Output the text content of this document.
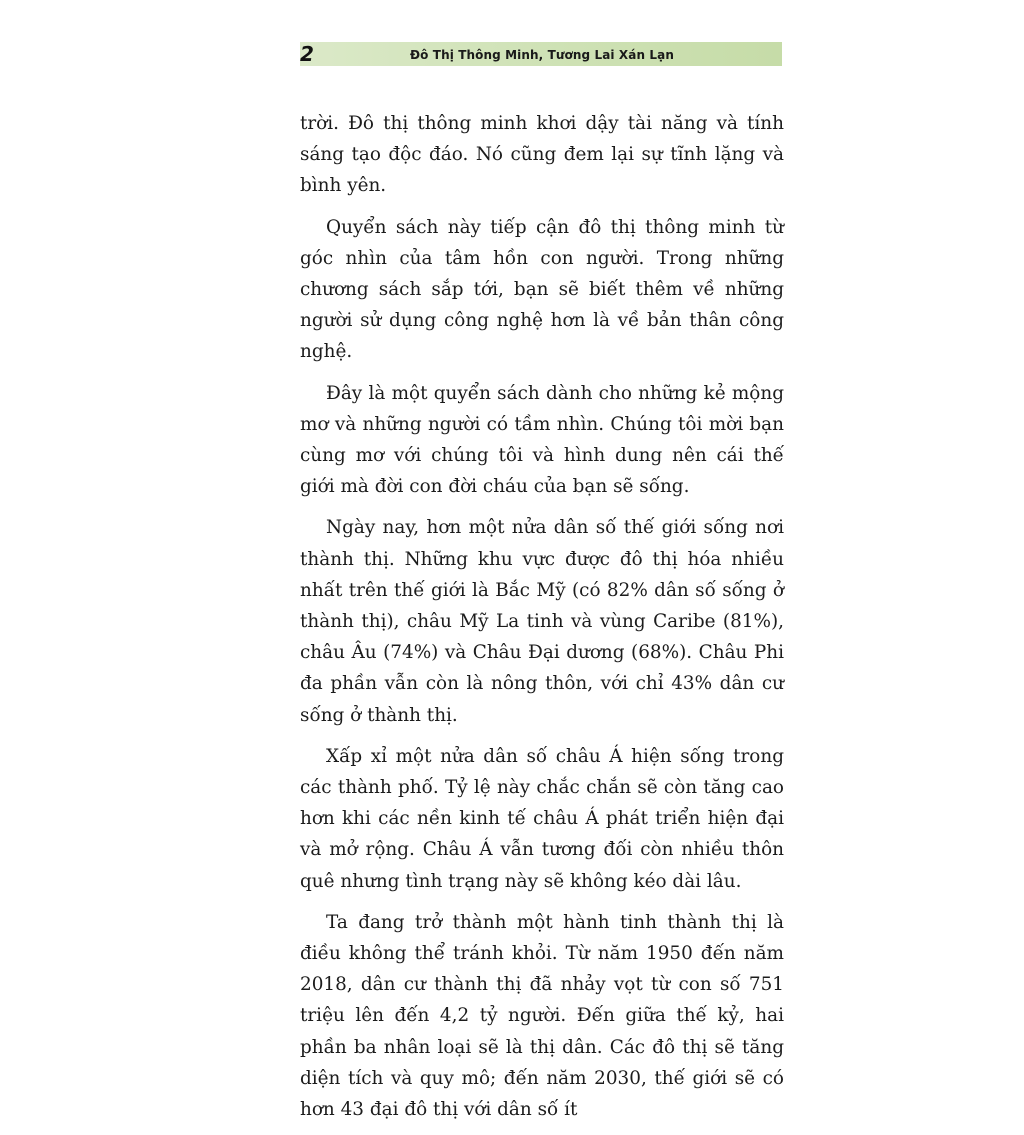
2	Đô Thị Thông Minh, Tương Lai Xán Lạn

trời. Đô thị thông minh khơi dậy tài năng và tính sáng tạo độc đáo. Nó cũng đem lại sự tĩnh lặng và bình yên.

Quyển sách này tiếp cận đô thị thông minh từ góc nhìn của tâm hồn con người. Trong những chương sách sắp tới, bạn sẽ biết thêm về những người sử dụng công nghệ hơn là về bản thân công nghệ.

Đây là một quyển sách dành cho những kẻ mộng mơ và những người có tầm nhìn. Chúng tôi mời bạn cùng mơ với chúng tôi và hình dung nên cái thế giới mà đời con đời cháu của bạn sẽ sống.

Ngày nay, hơn một nửa dân số thế giới sống nơi thành thị. Những khu vực được đô thị hóa nhiều nhất trên thế giới là Bắc Mỹ (có 82% dân số sống ở thành thị), châu Mỹ La tinh và vùng Caribe (81%), châu Âu (74%) và Châu Đại dương (68%). Châu Phi đa phần vẫn còn là nông thôn, với chỉ 43% dân cư sống ở thành thị.

Xấp xỉ một nửa dân số châu Á hiện sống trong các thành phố. Tỷ lệ này chắc chắn sẽ còn tăng cao hơn khi các nền kinh tế châu Á phát triển hiện đại và mở rộng. Châu Á vẫn tương đối còn nhiều thôn quê nhưng tình trạng này sẽ không kéo dài lâu.

Ta đang trở thành một hành tinh thành thị là điều không thể tránh khỏi. Từ năm 1950 đến năm 2018, dân cư thành thị đã nhảy vọt từ con số 751 triệu lên đến 4,2 tỷ người. Đến giữa thế kỷ, hai phần ba nhân loại sẽ là thị dân. Các đô thị sẽ tăng diện tích và quy mô; đến năm 2030, thế giới sẽ có hơn 43 đại đô thị với dân số ít
